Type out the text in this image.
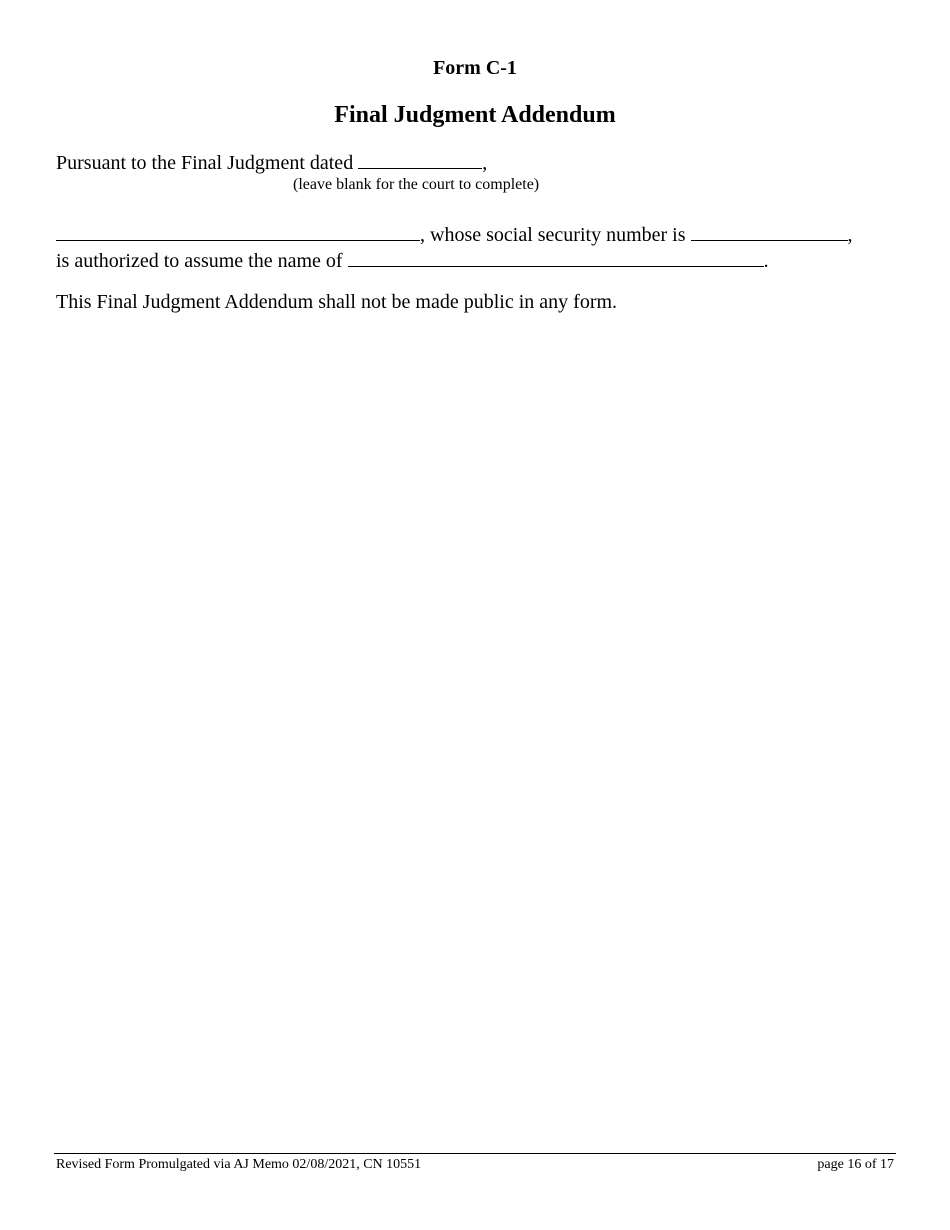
Form C-1
Final Judgment Addendum
Pursuant to the Final Judgment dated	,
(leave blank for the court to complete)
, whose social security number is	,
is authorized to assume the name of	.
This Final Judgment Addendum shall not be made public in any form.
Revised Form Promulgated via AJ Memo 02/08/2021, CN 10551	page 16 of 17
